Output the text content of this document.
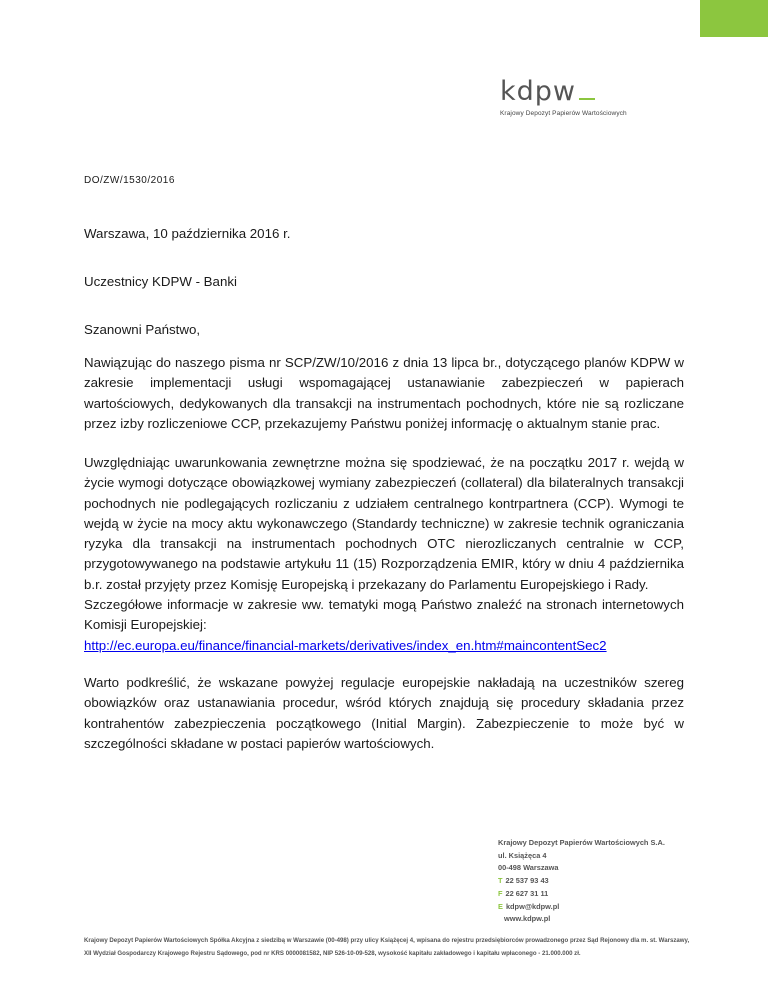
kdpw
Krajowy Depozyt Papierów Wartościowych
DO/ZW/1530/2016
Warszawa, 10 października 2016 r.
Uczestnicy KDPW - Banki
Szanowni Państwo,

Nawiązując do naszego pisma nr SCP/ZW/10/2016 z dnia 13 lipca br., dotyczącego planów KDPW w zakresie implementacji usługi wspomagającej ustanawianie zabezpieczeń w papierach wartościowych, dedykowanych dla transakcji na instrumentach pochodnych, które nie są rozliczane przez izby rozliczeniowe CCP, przekazujemy Państwu poniżej informację o aktualnym stanie prac.

Uwzględniając uwarunkowania zewnętrzne można się spodziewać, że na początku 2017 r. wejdą w życie wymogi dotyczące obowiązkowej wymiany zabezpieczeń (collateral) dla bilateralnych transakcji pochodnych nie podlegających rozliczaniu z udziałem centralnego kontrpartnera (CCP). Wymogi te wejdą w życie na mocy aktu wykonawczego (Standardy techniczne) w zakresie technik ograniczania ryzyka dla transakcji na instrumentach pochodnych OTC nierozliczanych centralnie w CCP, przygotowywanego na podstawie artykułu 11 (15) Rozporządzenia EMIR, który w dniu 4 października b.r. został przyjęty przez Komisję Europejską i przekazany do Parlamentu Europejskiego i Rady.
Szczegółowe informacje w zakresie ww. tematyki mogą Państwo znaleźć na stronach internetowych Komisji Europejskiej:
http://ec.europa.eu/finance/financial-markets/derivatives/index_en.htm#maincontentSec2

Warto podkreślić, że wskazane powyżej regulacje europejskie nakładają na uczestników szereg obowiązków oraz ustanawiania procedur, wśród których znajdują się procedury składania przez kontrahentów zabezpieczenia początkowego (Initial Margin). Zabezpieczenie to może być w szczególności składane w postaci papierów wartościowych.

Krajowy Depozyt Papierów Wartościowych S.A.
ul. Książęca 4
00-498 Warszawa
T 22 537 93 43
F 22 627 31 11
E kdpw@kdpw.pl
www.kdpw.pl
Krajowy Depozyt Papierów Wartościowych Spółka Akcyjna z siedzibą w Warszawie (00-498) przy ulicy Książęcej 4, wpisana do rejestru przedsiębiorców prowadzonego przez Sąd Rejonowy dla m. st. Warszawy,
XII Wydział Gospodarczy Krajowego Rejestru Sądowego, pod nr KRS 0000081582, NIP 526-10-09-528, wysokość kapitału zakładowego i kapitału wpłaconego - 21.000.000 zł.
